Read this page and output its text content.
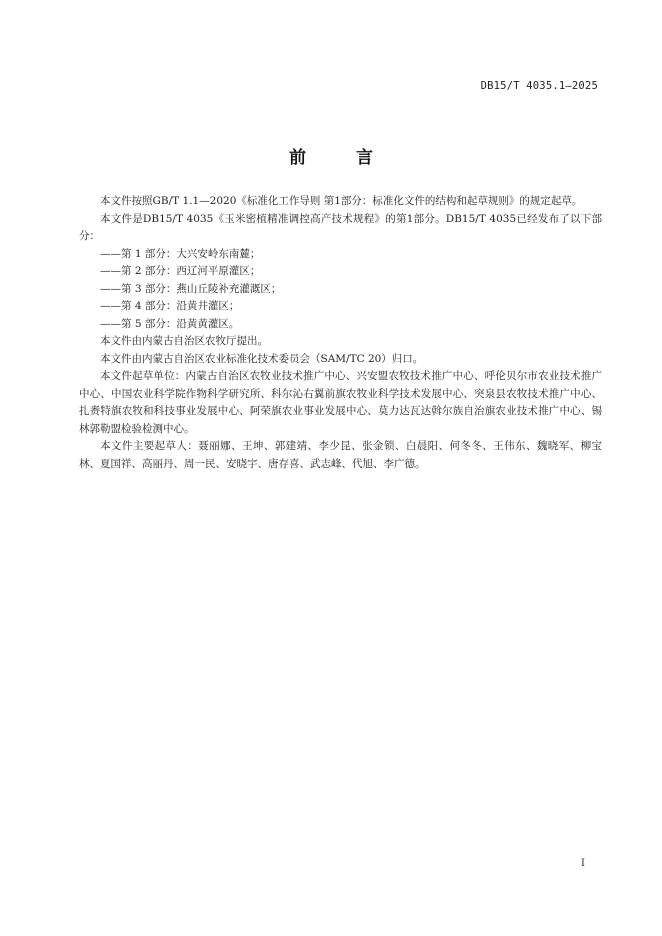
DB15/T 4035.1—2025
前 言

本文件按照GB/T 1.1—2020《标准化工作导则 第1部分：标准化文件的结构和起草规则》的规定起草。

本文件是DB15/T 4035《玉米密植精准调控高产技术规程》的第1部分。DB15/T 4035已经发布了以下部分：

——第 1 部分：大兴安岭东南麓；

——第 2 部分：西辽河平原灌区；

——第 3 部分：燕山丘陵补充灌溉区；

——第 4 部分：沿黄井灌区；

——第 5 部分：沿黄黄灌区。

本文件由内蒙古自治区农牧厅提出。

本文件由内蒙古自治区农业标准化技术委员会（SAM/TC 20）归口。

本文件起草单位：内蒙古自治区农牧业技术推广中心、兴安盟农牧技术推广中心、呼伦贝尔市农业技术推广中心、中国农业科学院作物科学研究所、科尔沁右翼前旗农牧业科学技术发展中心、突泉县农牧技术推广中心、扎赉特旗农牧和科技事业发展中心、阿荣旗农业事业发展中心、莫力达瓦达斡尔族自治旗农业技术推广中心、锡林郭勒盟检验检测中心。

本文件主要起草人：聂丽娜、王坤、郭建靖、李少昆、张金锁、白晨阳、何冬冬、王伟东、魏晓军、柳宝林、夏国祥、高丽丹、周一民、安晓宇、唐存喜、武志峰、代旭、李广德。

I
